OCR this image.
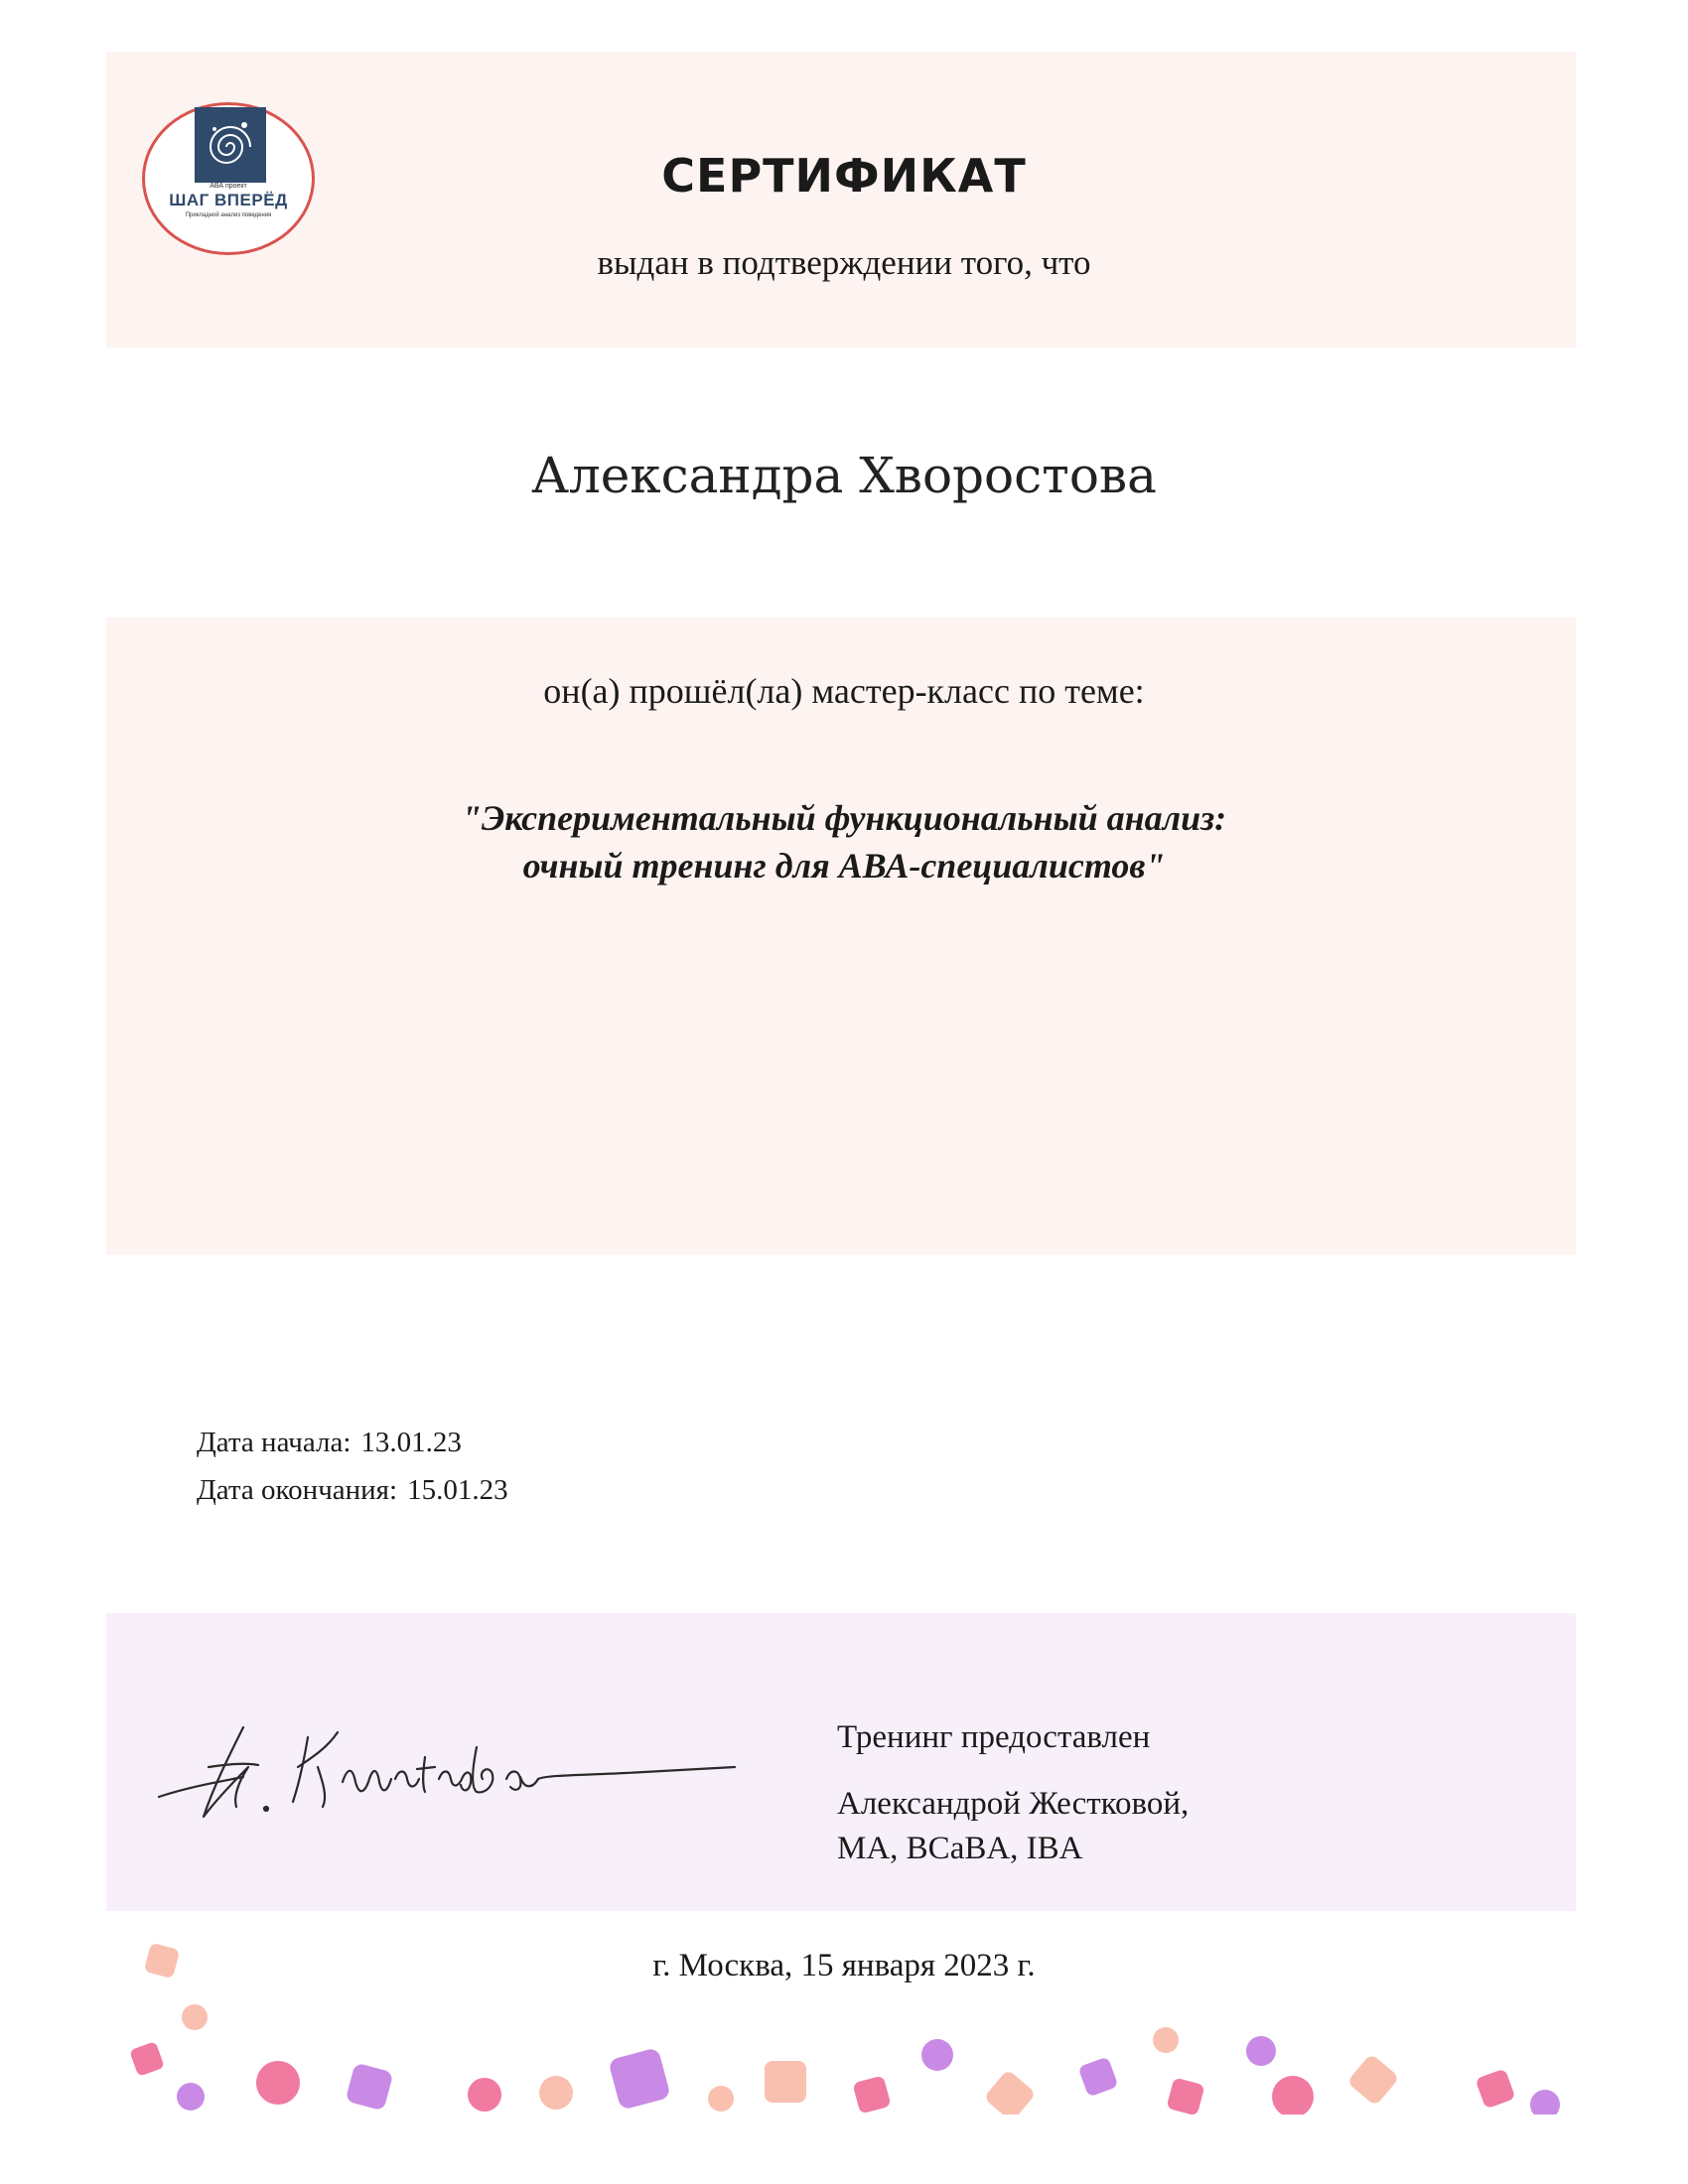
АВА проект
ШАГ ВПЕРЁД
Прикладной анализ поведения
СЕРТИФИКАТ
выдан в подтверждении того, что
Александра Хворостова
он(а) прошёл(ла) мастер-класс по теме:
"Экспериментальный функциональный анализ:
очный тренинг для АВА-специалистов"
Дата начала: 13.01.23
Дата окончания: 15.01.23
Тренинг предоставлен
Александрой Жестковой,
MA, BCaBA, IBA
г. Москва, 15 января 2023 г.
